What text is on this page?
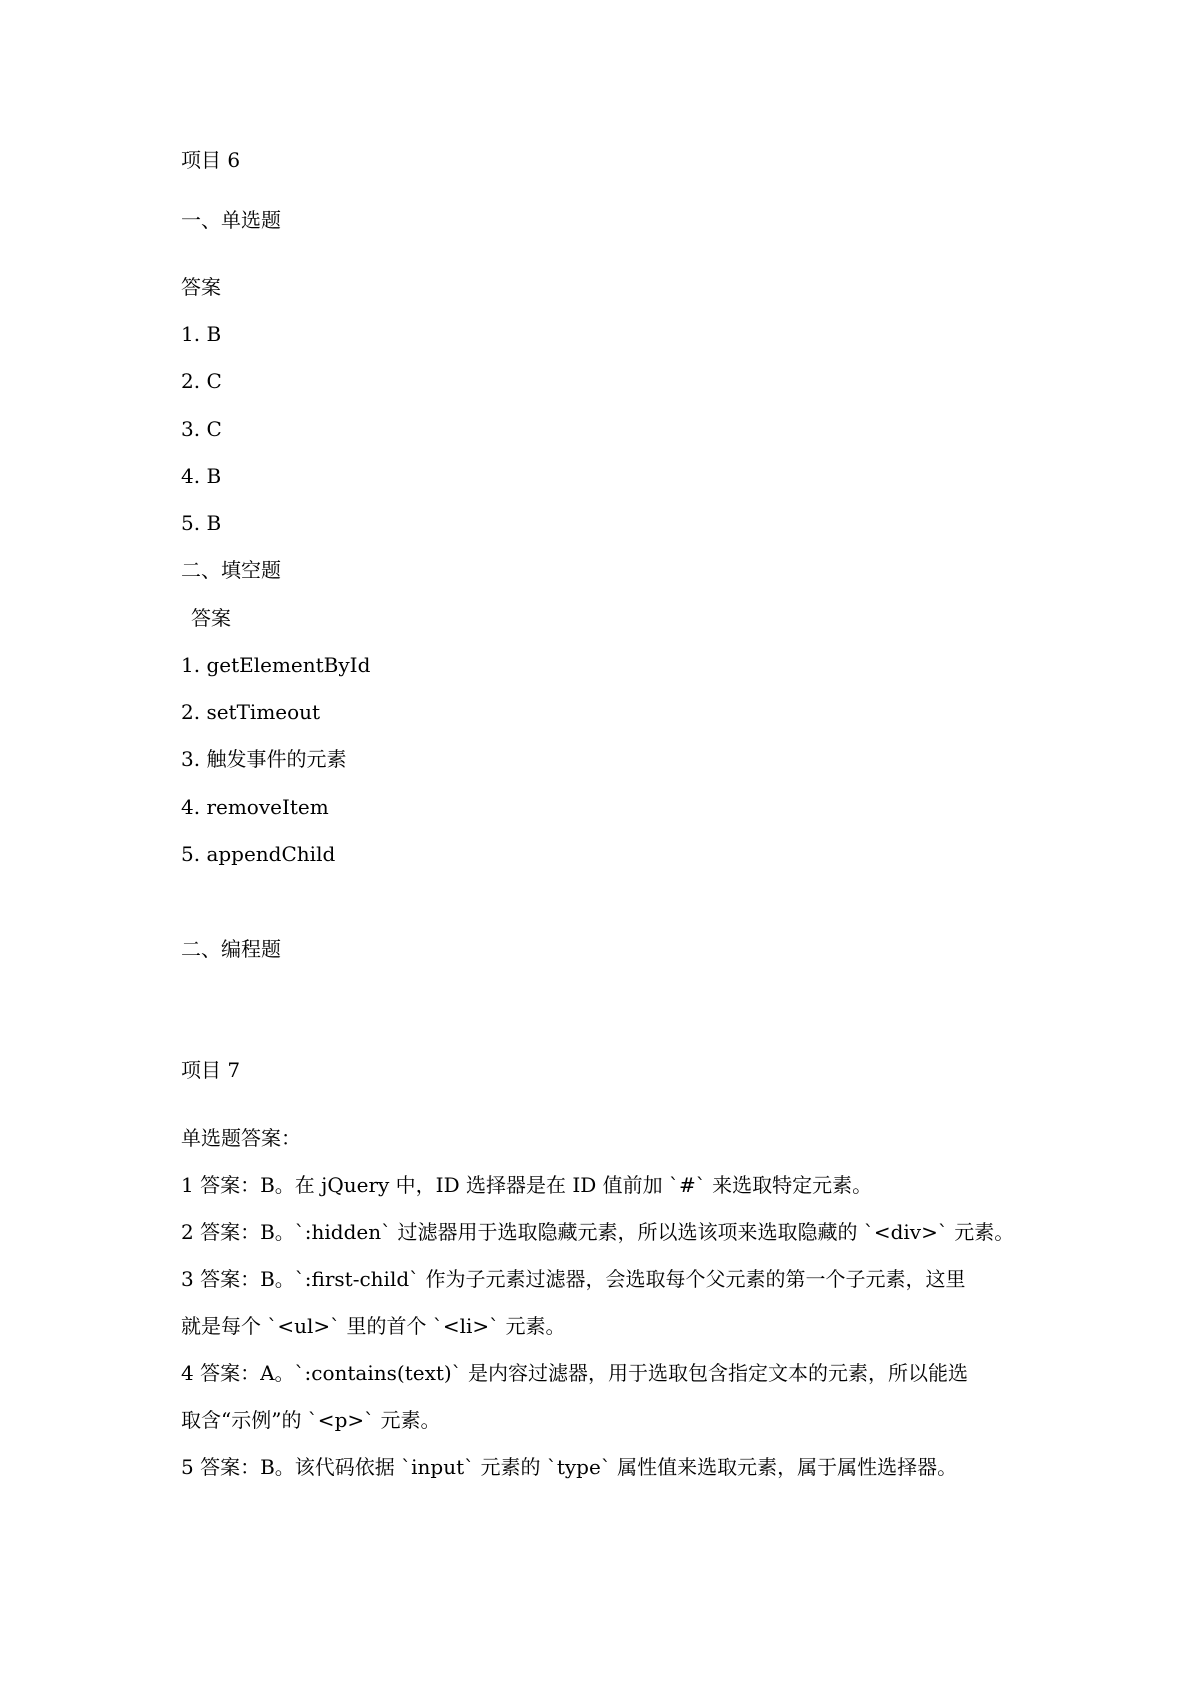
项目 6
一、单选题
答案
1. B
2. C
3. C
4. B
5. B
二、填空题
答案
1. getElementById
2. setTimeout
3. 触发事件的元素
4. removeItem
5. appendChild
二、编程题
项目 7
单选题答案：
1 答案：B。在 jQuery 中，ID 选择器是在 ID 值前加 `#` 来选取特定元素。
2 答案：B。`:hidden` 过滤器用于选取隐藏元素，所以选该项来选取隐藏的 `<div>` 元素。
3 答案：B。`:first-child` 作为子元素过滤器，会选取每个父元素的第一个子元素，这里
就是每个 `<ul>` 里的首个 `<li>` 元素。
4 答案：A。`:contains(text)` 是内容过滤器，用于选取包含指定文本的元素，所以能选
取含“示例”的 `<p>` 元素。
5 答案：B。该代码依据 `input` 元素的 `type` 属性值来选取元素，属于属性选择器。
